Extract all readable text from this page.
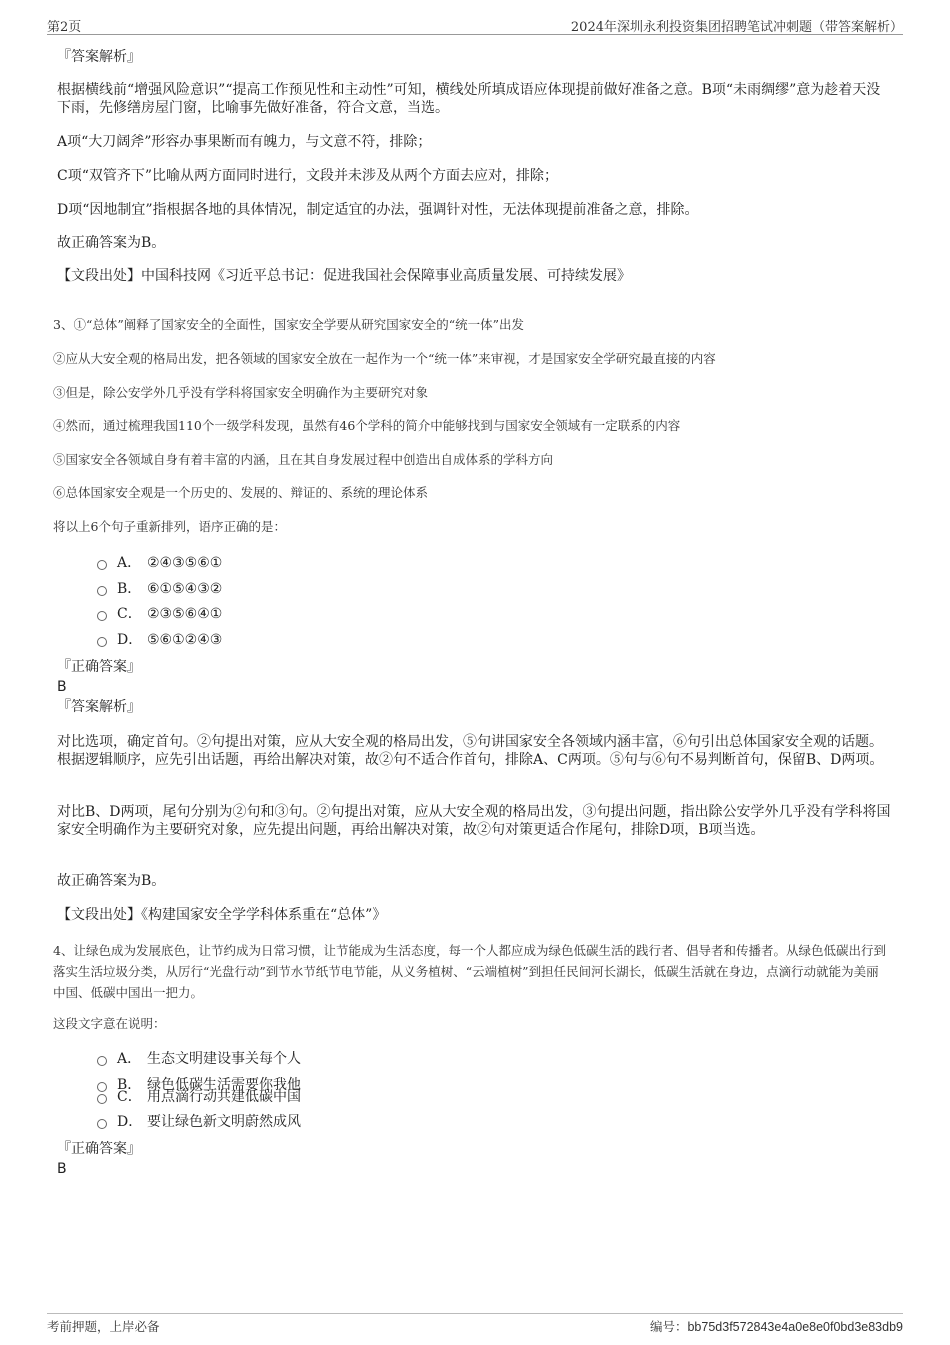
第2页	2024年深圳永利投资集团招聘笔试冲刺题（带答案解析）
『答案解析』
根据横线前“增强风险意识”“提高工作预见性和主动性”可知，横线处所填成语应体现提前做好准备之意。B项“未雨绸缪”意为趁着天没下雨，先修缮房屋门窗，比喻事先做好准备，符合文意，当选。
A项“大刀阔斧”形容办事果断而有魄力，与文意不符，排除；
C项“双管齐下”比喻从两方面同时进行，文段并未涉及从两个方面去应对，排除；
D项“因地制宜”指根据各地的具体情况，制定适宜的办法，强调针对性，无法体现提前准备之意，排除。
故正确答案为B。
【文段出处】中国科技网《习近平总书记：促进我国社会保障事业高质量发展、可持续发展》
3、①“总体”阐释了国家安全的全面性，国家安全学要从研究国家安全的“统一体”出发
②应从大安全观的格局出发，把各领域的国家安全放在一起作为一个“统一体”来审视，才是国家安全学研究最直接的内容
③但是，除公安学外几乎没有学科将国家安全明确作为主要研究对象
④然而，通过梳理我国110个一级学科发现，虽然有46个学科的简介中能够找到与国家安全领域有一定联系的内容
⑤国家安全各领域自身有着丰富的内涵，且在其自身发展过程中创造出自成体系的学科方向
⑥总体国家安全观是一个历史的、发展的、辩证的、系统的理论体系
将以上6个句子重新排列，语序正确的是：
A． ②④③⑤⑥①
B． ⑥①⑤④③②
C． ②③⑤⑥④①
D． ⑤⑥①②④③
『正确答案』
B
『答案解析』
对比选项，确定首句。②句提出对策，应从大安全观的格局出发，⑤句讲国家安全各领域内涵丰富，⑥句引出总体国家安全观的话题。根据逻辑顺序，应先引出话题，再给出解决对策，故②句不适合作首句，排除A、C两项。⑤句与⑥句不易判断首句，保留B、D两项。
对比B、D两项，尾句分别为②句和③句。②句提出对策，应从大安全观的格局出发，③句提出问题，指出除公安学外几乎没有学科将国家安全明确作为主要研究对象，应先提出问题，再给出解决对策，故②句对策更适合作尾句，排除D项，B项当选。
故正确答案为B。
【文段出处】《构建国家安全学学科体系重在“总体”》
4、让绿色成为发展底色，让节约成为日常习惯，让节能成为生活态度，每一个人都应成为绿色低碳生活的践行者、倡导者和传播者。从绿色低碳出行到落实生活垃圾分类，从厉行“光盘行动”到节水节纸节电节能，从义务植树、“云端植树”到担任民间河长湖长，低碳生活就在身边，点滴行动就能为美丽中国、低碳中国出一把力。
这段文字意在说明：
A． 生态文明建设事关每个人
B． 绿色低碳生活需要你我他
C． 用点滴行动共建低碳中国
D． 要让绿色新文明蔚然成风
『正确答案』
B
考前押题，上岸必备	编号：bb75d3f572843e4a0e8e0f0bd3e83db9
